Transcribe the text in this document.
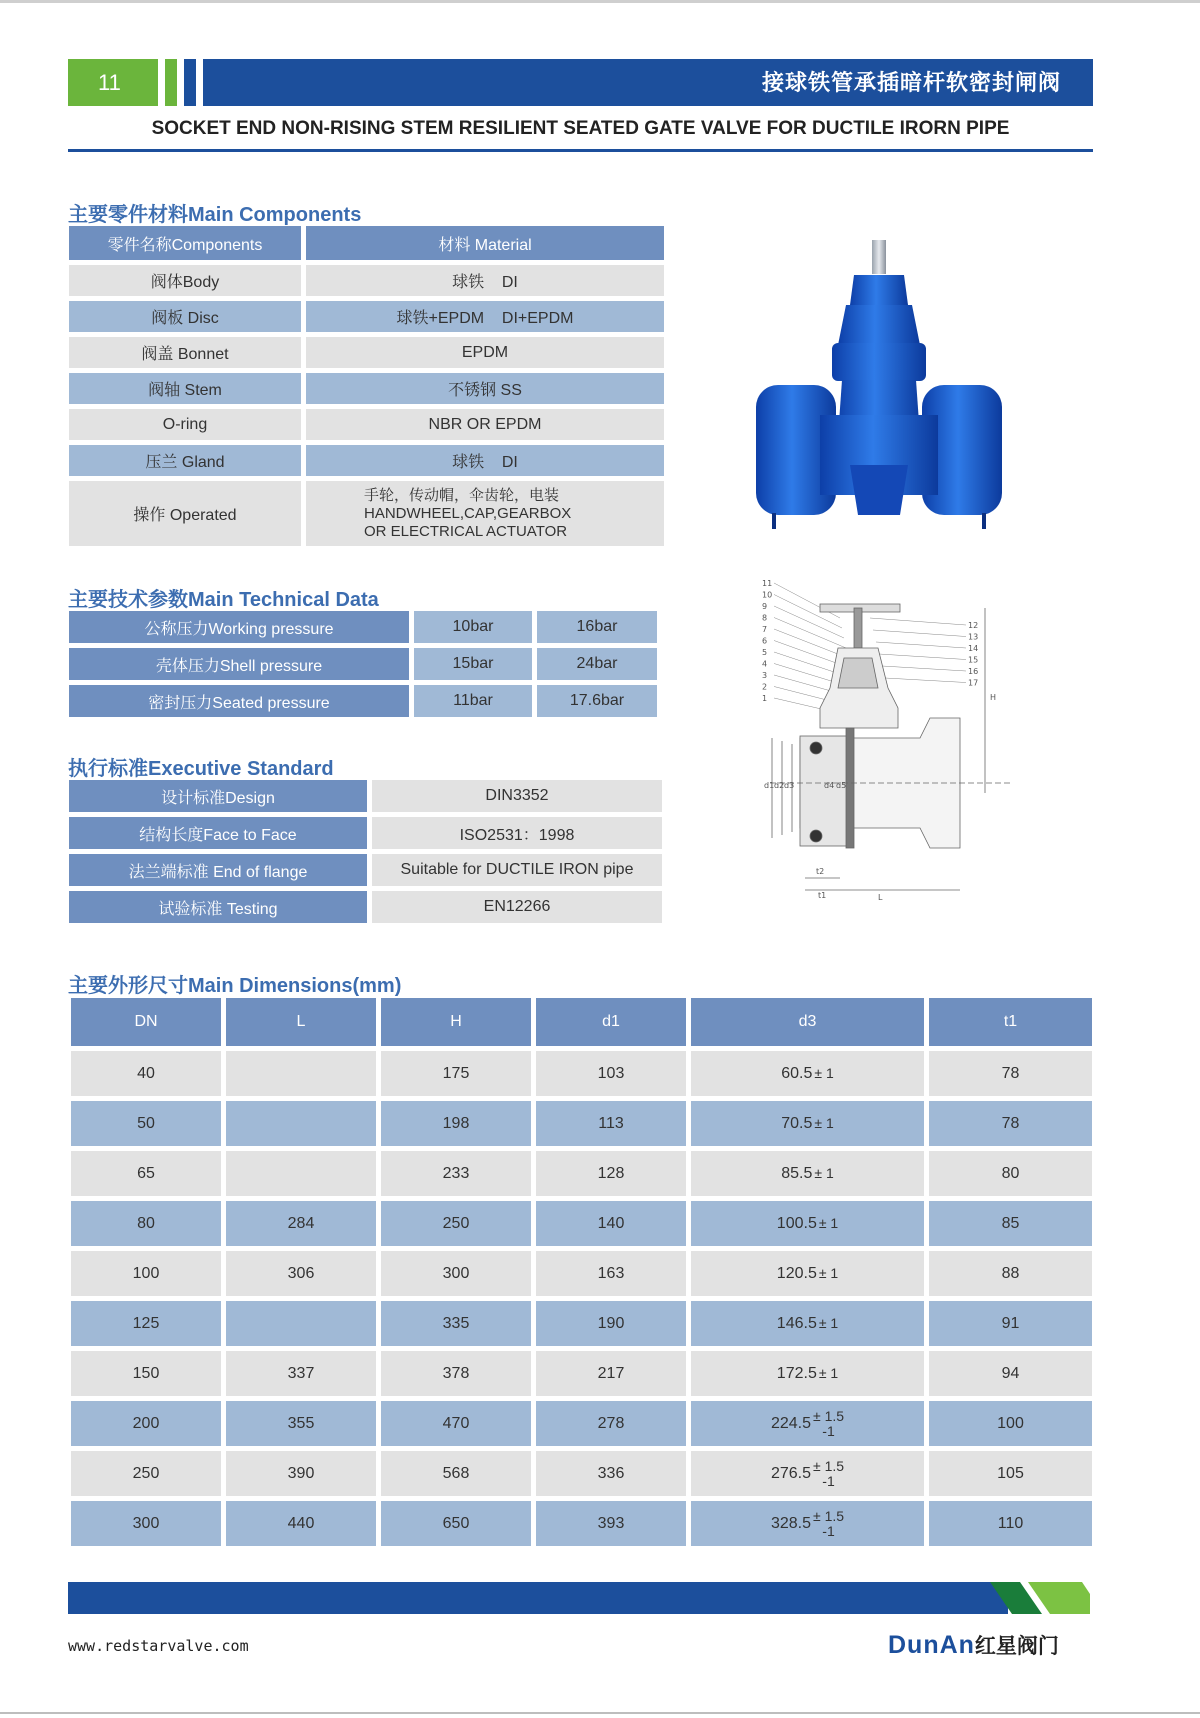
11	接球铁管承插暗杆软密封闸阀
SOCKET END NON-RISING STEM RESILIENT SEATED GATE VALVE FOR DUCTILE IRORN PIPE
主要零件材料Main Components
零件名称Components	材料 Material
阀体Body	球铁    DI
阀板 Disc	球铁+EPDM    DI+EPDM
阀盖 Bonnet	EPDM
阀轴 Stem	不锈钢 SS
O-ring	NBR OR EPDM
压兰 Gland	球铁    DI
操作 Operated	手轮，传动帽，伞齿轮，电装
HANDWHEEL,CAP,GEARBOX
OR ELECTRICAL ACTUATOR
主要技术参数Main Technical Data
公称压力Working pressure	10bar	16bar
壳体压力Shell pressure	15bar	24bar
密封压力Seated pressure	11bar	17.6bar
执行标准Executive Standard
设计标准Design	DIN3352
结构长度Face to Face	ISO2531：1998
法兰端标准 End of flange	Suitable for DUCTILE IRON pipe
试验标准 Testing	EN12266
11
10
9
8
7
6
5
4
3
2
1
12
13
14
15
16
17
H
L
t2
t1
d1 d2 d3	d4 d5
主要外形尺寸Main Dimensions(mm)
DN	L	H	d1	d3	t1
40		175	103	60.5 ± 1	78
50		198	113	70.5 ± 1	78
65		233	128	85.5 ± 1	80
80	284	250	140	100.5 ± 1	85
100	306	300	163	120.5 ± 1	88
125		335	190	146.5 ± 1	91
150	337	378	217	172.5 ± 1	94
200	355	470	278	224.5 ± 1.5
-1	100
250	390	568	336	276.5 ± 1.5
-1	105
300	440	650	393	328.5 ± 1.5
-1	110
www.redstarvalve.com	DunAn红星阀门
